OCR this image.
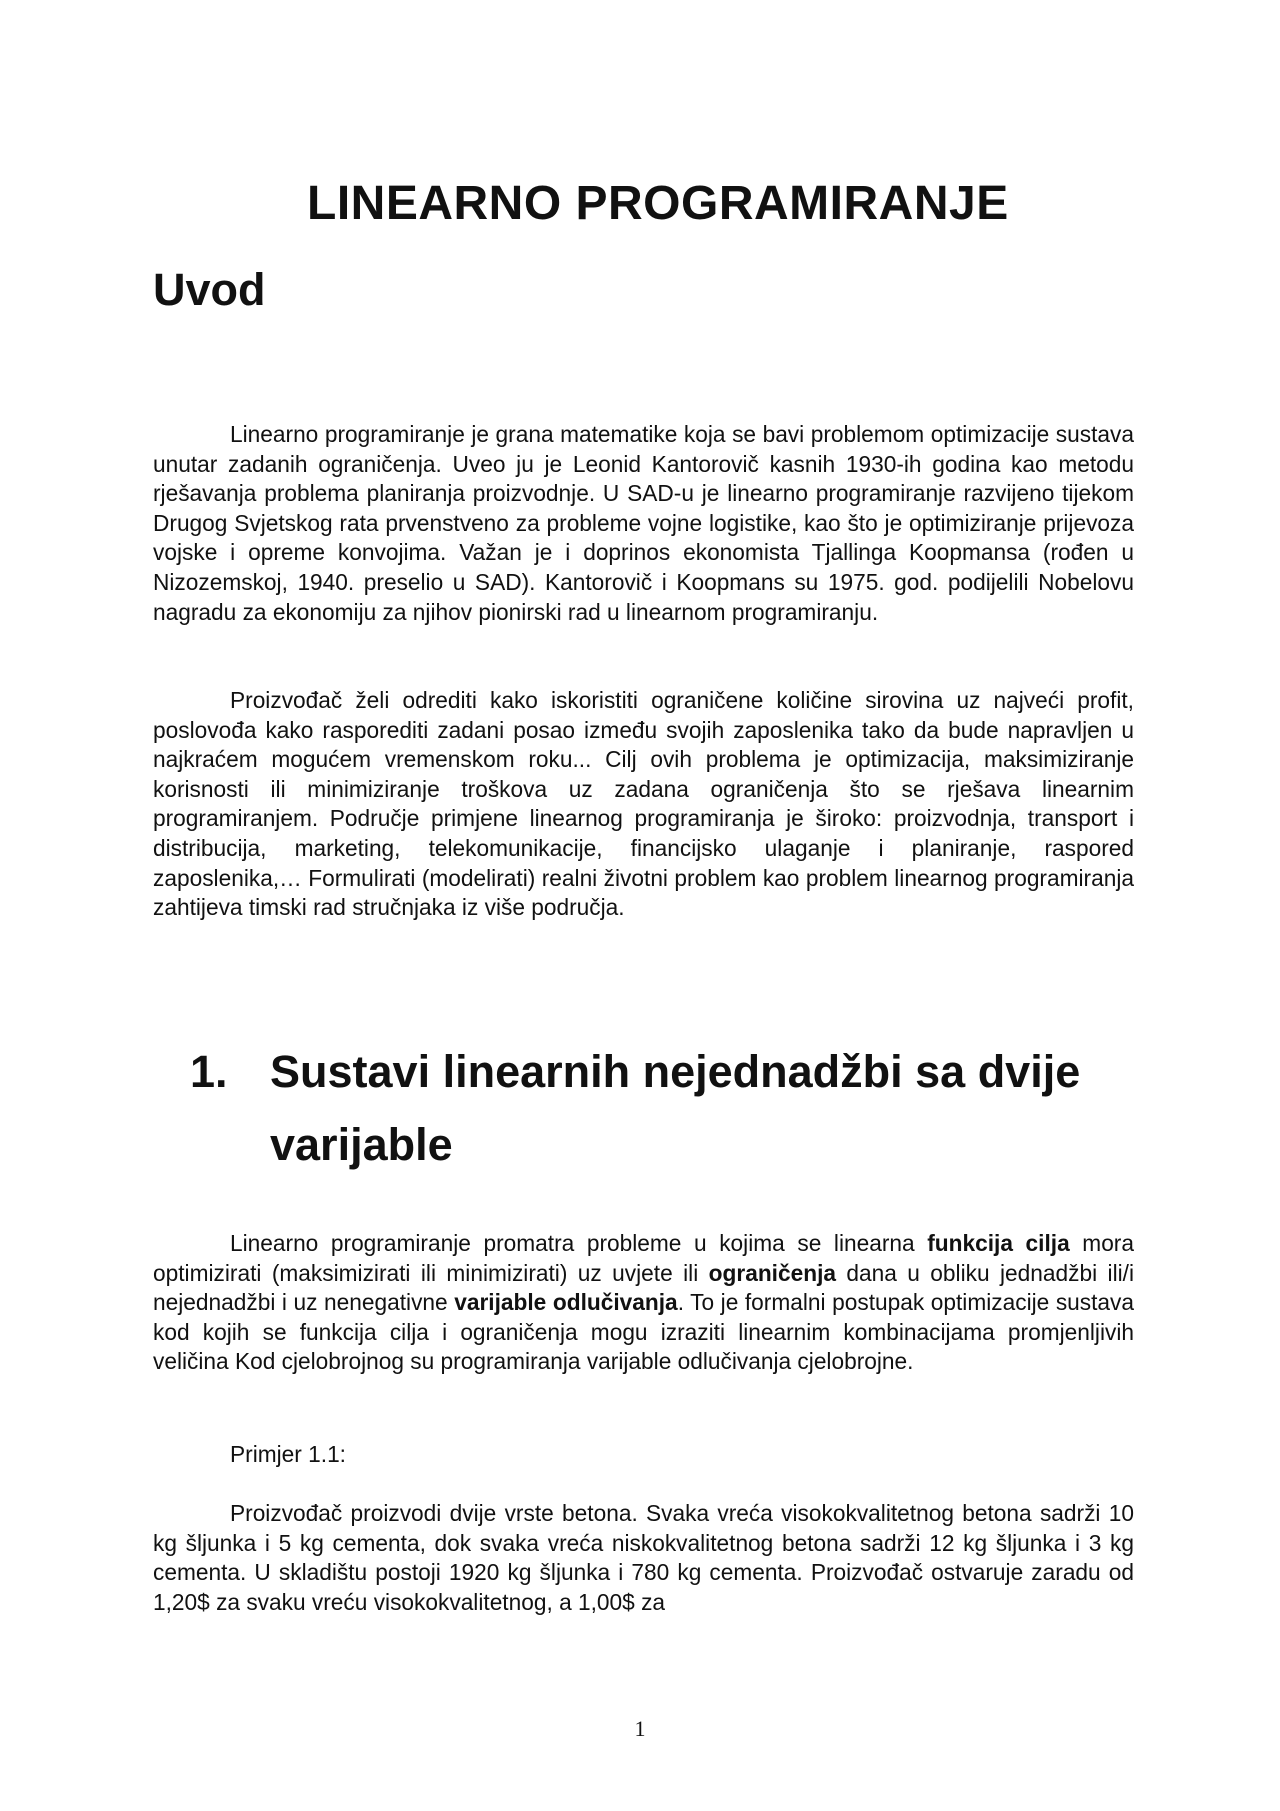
LINEARNO PROGRAMIRANJE
Uvod

Linearno programiranje je grana matematike koja se bavi problemom optimizacije sustava unutar zadanih ograničenja. Uveo ju je Leonid Kantorovič kasnih 1930-ih godina kao metodu rješavanja problema planiranja proizvodnje. U SAD-u je linearno programiranje razvijeno tijekom Drugog Svjetskog rata prvenstveno za probleme vojne logistike, kao što je optimiziranje prijevoza vojske i opreme konvojima. Važan je i doprinos ekonomista Tjallinga Koopmansa (rođen u Nizozemskoj, 1940. preselio u SAD). Kantorovič i Koopmans su 1975. god. podijelili Nobelovu nagradu za ekonomiju za njihov pionirski rad u linearnom programiranju.

Proizvođač želi odrediti kako iskoristiti ograničene količine sirovina uz najveći profit, poslovođa kako rasporediti zadani posao između svojih zaposlenika tako da bude napravljen u najkraćem mogućem vremenskom roku... Cilj ovih problema je optimizacija, maksimiziranje korisnosti ili minimiziranje troškova uz zadana ograničenja što se rješava linearnim programiranjem. Područje primjene linearnog programiranja je široko: proizvodnja, transport i distribucija, marketing, telekomunikacije, financijsko ulaganje i planiranje, raspored zaposlenika,… Formulirati (modelirati) realni životni problem kao problem linearnog programiranja zahtijeva timski rad stručnjaka iz više područja.

1. Sustavi linearnih nejednadžbi sa dvije varijable

Linearno programiranje promatra probleme u kojima se linearna funkcija cilja mora optimizirati (maksimizirati ili minimizirati) uz uvjete ili ograničenja dana u obliku jednadžbi ili/i nejednadžbi i uz nenegativne varijable odlučivanja. To je formalni postupak optimizacije sustava kod kojih se funkcija cilja i ograničenja mogu izraziti linearnim kombinacijama promjenljivih veličina Kod cjelobrojnog su programiranja varijable odlučivanja cjelobrojne.

Primjer 1.1:

Proizvođač proizvodi dvije vrste betona. Svaka vreća visokokvalitetnog betona sadrži 10 kg šljunka i 5 kg cementa, dok svaka vreća niskokvalitetnog betona sadrži 12 kg šljunka i 3 kg cementa. U skladištu postoji 1920 kg šljunka i 780 kg cementa. Proizvođač ostvaruje zaradu od 1,20$ za svaku vreću visokokvalitetnog, a 1,00$ za

1
